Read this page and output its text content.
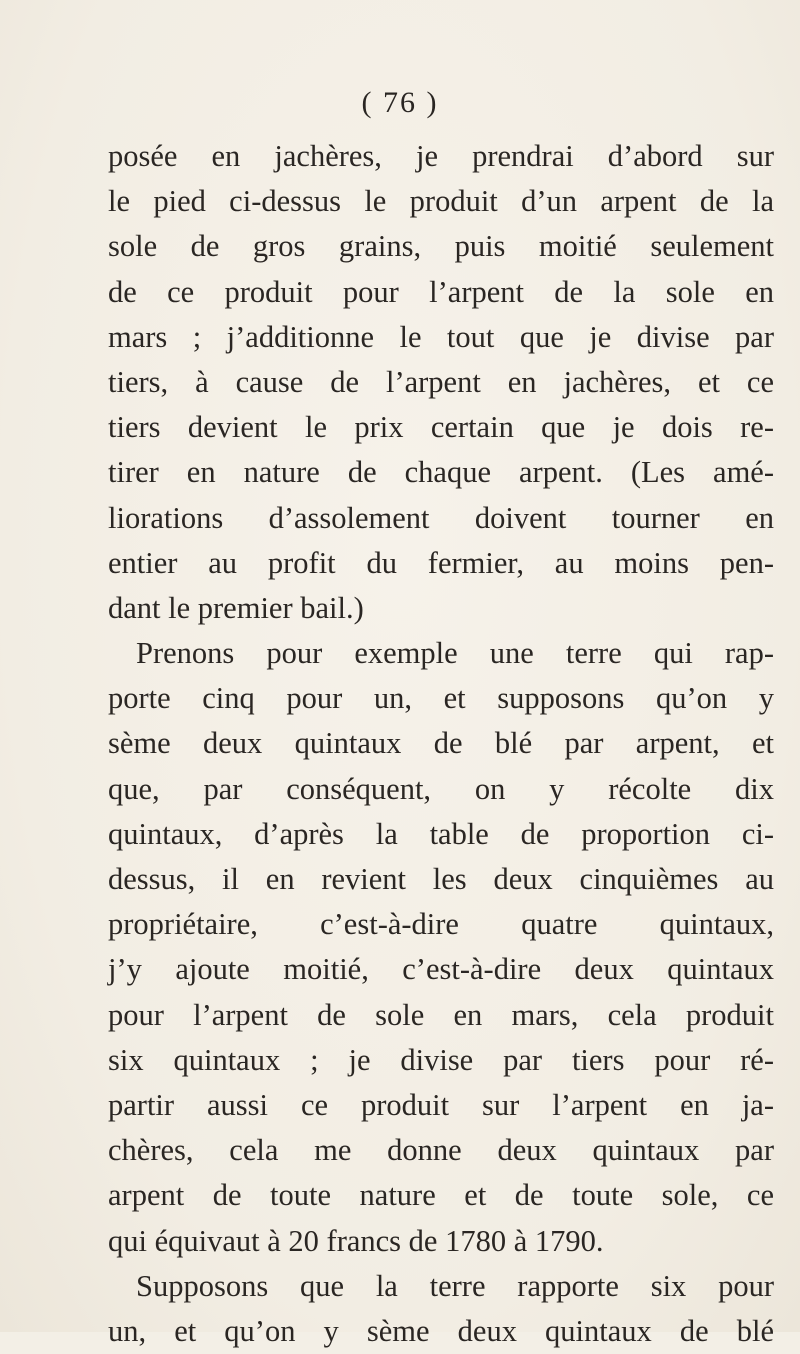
( 76 )
posée en jachères, je prendrai d’abord sur
le pied ci-dessus le produit d’un arpent de la
sole de gros grains, puis moitié seulement
de ce produit pour l’arpent de la sole en
mars ; j’additionne le tout que je divise par
tiers, à cause de l’arpent en jachères, et ce
tiers devient le prix certain que je dois re-
tirer en nature de chaque arpent. (Les amé-
liorations d’assolement doivent tourner en
entier au profit du fermier, au moins pen-
dant le premier bail.)
Prenons pour exemple une terre qui rap-
porte cinq pour un, et supposons qu’on y
sème deux quintaux de blé par arpent, et
que, par conséquent, on y récolte dix
quintaux, d’après la table de proportion ci-
dessus, il en revient les deux cinquièmes au
propriétaire, c’est-à-dire quatre quintaux,
j’y ajoute moitié, c’est-à-dire deux quintaux
pour l’arpent de sole en mars, cela produit
six quintaux ; je divise par tiers pour ré-
partir aussi ce produit sur l’arpent en ja-
chères, cela me donne deux quintaux par
arpent de toute nature et de toute sole, ce
qui équivaut à 20 francs de 1780 à 1790.
Supposons que la terre rapporte six pour
un, et qu’on y sème deux quintaux de blé
